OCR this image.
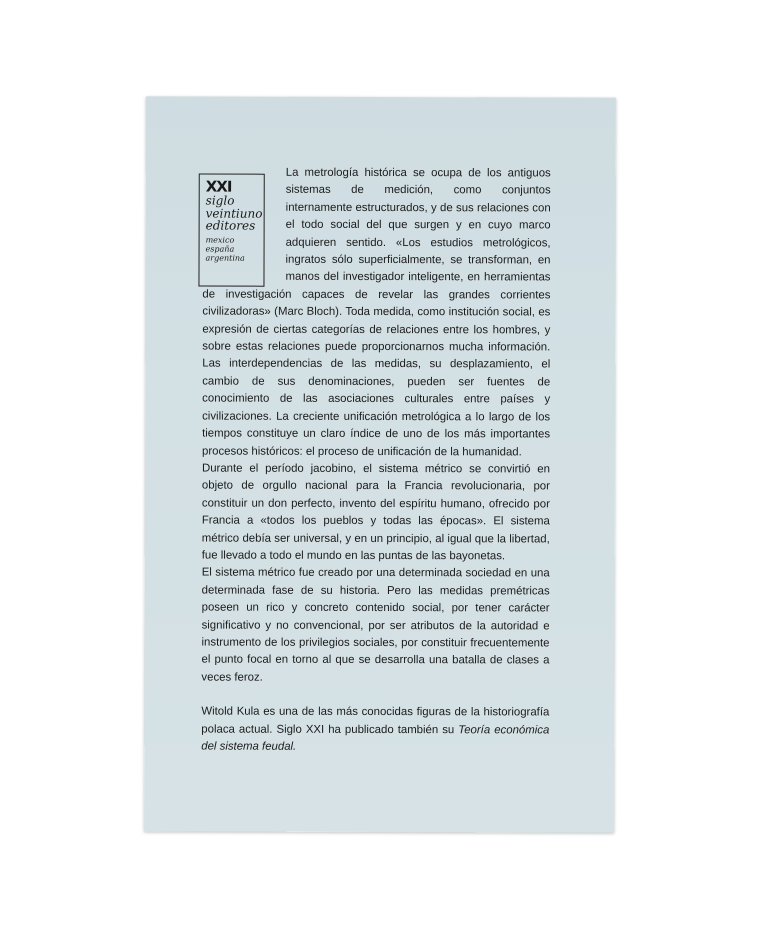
XXI
siglo
veintiuno
editores
mexico
españa
argentina

La metrología histórica se ocupa de los antiguos sistemas de medición, como conjuntos internamente estructurados, y de sus relaciones con el todo social del que surgen y en cuyo marco adquieren sentido. «Los estudios metrológicos, ingratos sólo superficialmente, se transforman, en manos del investigador inteligente, en herramientas de investigación capaces de revelar las grandes corrientes civilizadoras» (Marc Bloch). Toda medida, como institución social, es expresión de ciertas categorías de relaciones entre los hombres, y sobre estas relaciones puede proporcionarnos mucha información. Las interdependencias de las medidas, su desplazamiento, el cambio de sus denominaciones, pueden ser fuentes de conocimiento de las asociaciones culturales entre países y civilizaciones. La creciente unificación metrológica a lo largo de los tiempos constituye un claro índice de uno de los más importantes procesos históricos: el proceso de unificación de la humanidad.

Durante el período jacobino, el sistema métrico se convirtió en objeto de orgullo nacional para la Francia revolucionaria, por constituir un don perfecto, invento del espíritu humano, ofrecido por Francia a «todos los pueblos y todas las épocas». El sistema métrico debía ser universal, y en un principio, al igual que la libertad, fue llevado a todo el mundo en las puntas de las bayonetas.

El sistema métrico fue creado por una determinada sociedad en una determinada fase de su historia. Pero las medidas premétricas poseen un rico y concreto contenido social, por tener carácter significativo y no convencional, por ser atributos de la autoridad e instrumento de los privilegios sociales, por constituir frecuentemente el punto focal en torno al que se desarrolla una batalla de clases a veces feroz.

Witold Kula es una de las más conocidas figuras de la historiografía polaca actual. Siglo XXI ha publicado también su Teoría económica del sistema feudal.
